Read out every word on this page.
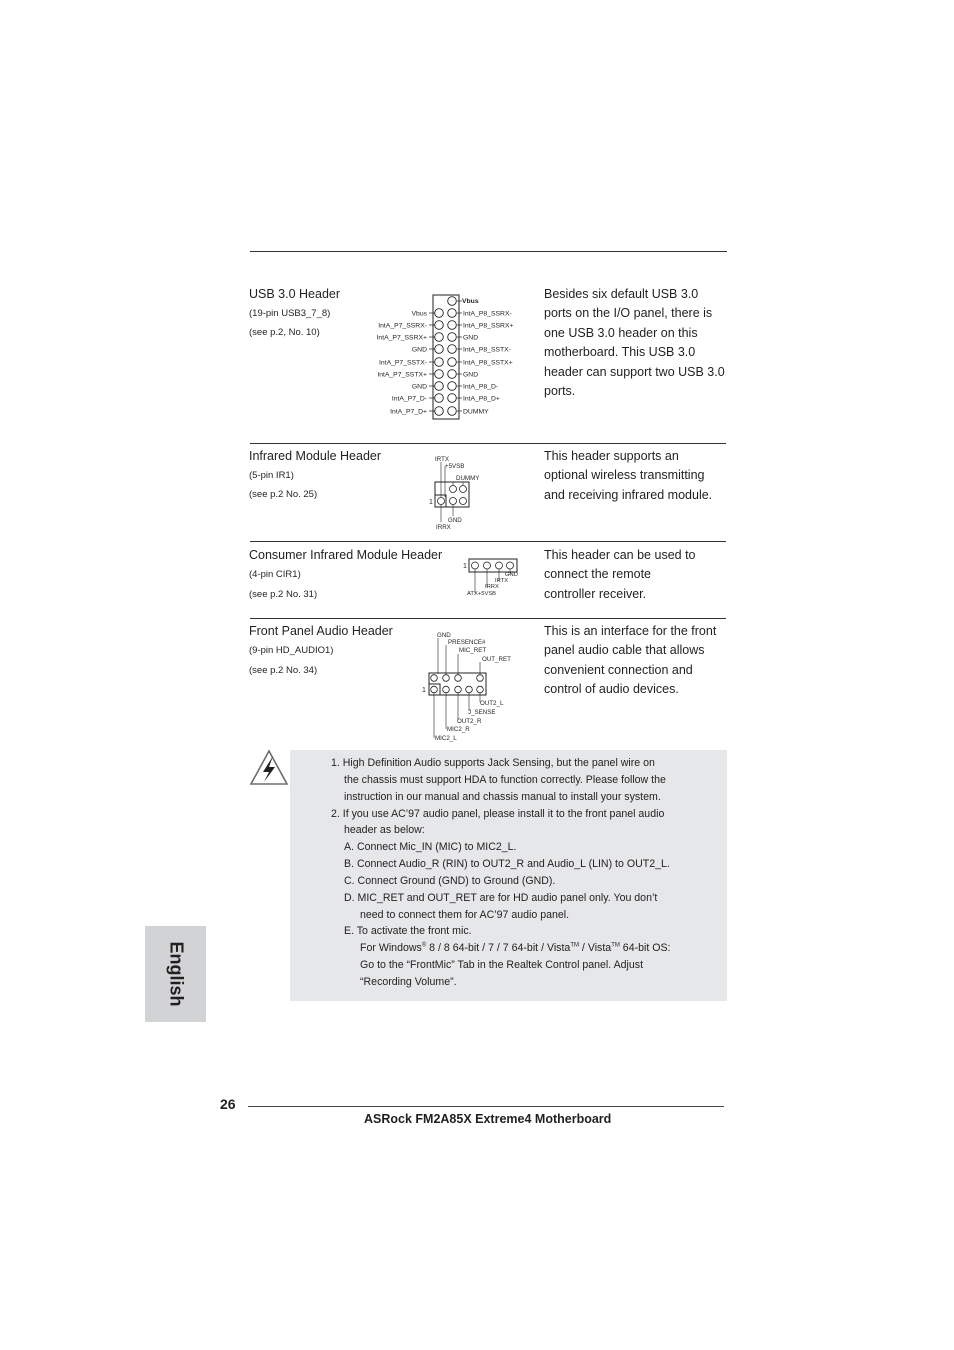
USB 3.0 Header
(19-pin USB3_7_8)
(see p.2, No. 10)
Besides six default USB 3.0
ports on the I/O panel, there is
one USB 3.0 header on this
motherboard. This USB 3.0
header can support two USB 3.0
ports.
Vbus
Vbus
IntA_P7_SSRX-
IntA_P7_SSRX+
GND
IntA_P7_SSTX-
IntA_P7_SSTX+
GND
IntA_P7_D-
IntA_P7_D+
IntA_P8_SSRX-
IntA_P8_SSRX+
GND
IntA_P8_SSTX-
IntA_P8_SSTX+
GND
IntA_P8_D-
IntA_P8_D+
DUMMY
Infrared Module Header
(5-pin IR1)
(see p.2 No. 25)
This header supports an
optional wireless transmitting
and receiving infrared module.
IRTX
+5VSB
DUMMY
GND
IRRX
1
Consumer Infrared Module Header
(4-pin CIR1)
(see p.2 No. 31)
This header can be used to
connect the remote
controller receiver.
GND
IRTX
IRRX
ATX+5VSB
1
Front Panel Audio Header
(9-pin HD_AUDIO1)
(see p.2 No. 34)
This is an interface for the front
panel audio cable that allows
convenient connection and
control of audio devices.
GND
PRESENCE#
MIC_RET
OUT_RET
OUT2_L
J_SENSE
OUT2_R
MIC2_R
MIC2_L
1
1. High Definition Audio supports Jack Sensing, but the panel wire on
the chassis must support HDA to function correctly. Please follow the
instruction in our manual and chassis manual to install your system.
2. If you use AC’97 audio panel, please install it to the front panel audio
header as below:
A. Connect Mic_IN (MIC) to MIC2_L.
B. Connect Audio_R (RIN) to OUT2_R and Audio_L (LIN) to OUT2_L.
C. Connect Ground (GND) to Ground (GND).
D. MIC_RET and OUT_RET are for HD audio panel only. You don’t
need to connect them for AC’97 audio panel.
E. To activate the front mic.
For Windows® 8 / 8 64-bit / 7 / 7 64-bit / Vista™ / Vista™ 64-bit OS:
Go to the “FrontMic” Tab in the Realtek Control panel. Adjust
“Recording Volume”.
English
26
ASRock FM2A85X Extreme4 Motherboard
